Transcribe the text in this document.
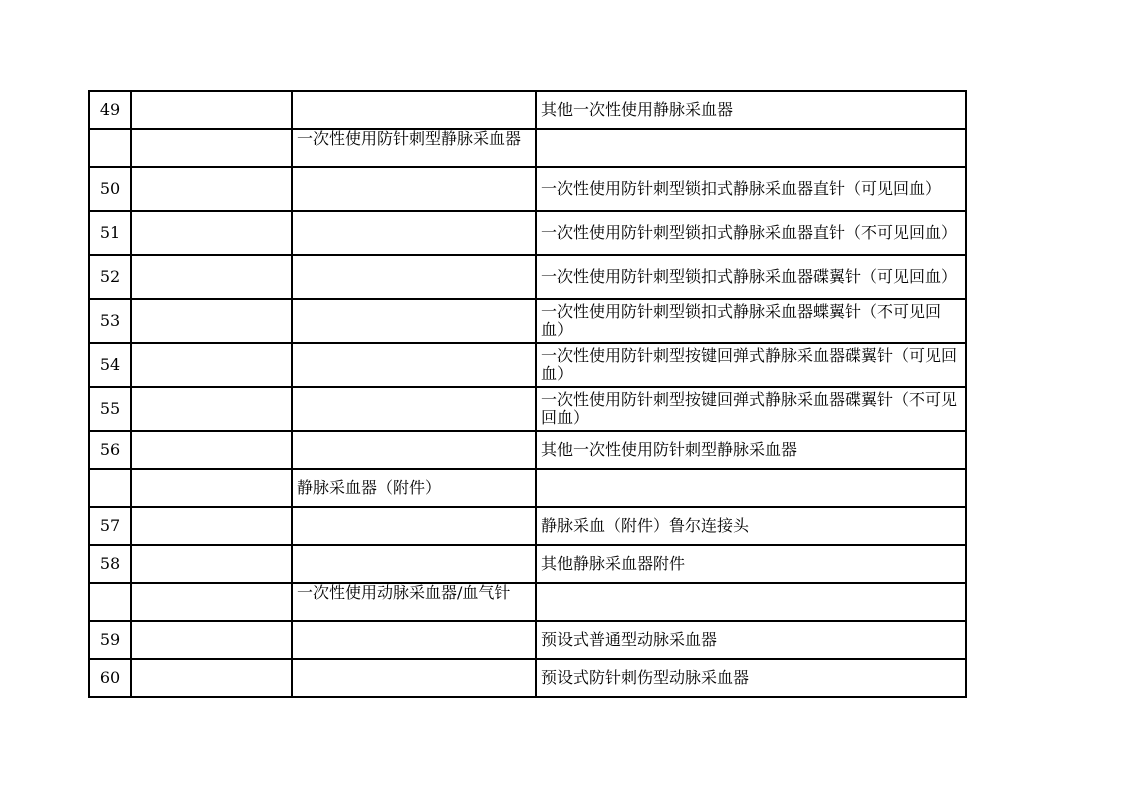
49			其他一次性使用静脉采血器
		一次性使用防针刺型静脉采血器	
50			一次性使用防针刺型锁扣式静脉采血器直针（可见回血）
51			一次性使用防针刺型锁扣式静脉采血器直针（不可见回血）
52			一次性使用防针刺型锁扣式静脉采血器碟翼针（可见回血）
53			一次性使用防针刺型锁扣式静脉采血器蝶翼针（不可见回血）
54			一次性使用防针刺型按键回弹式静脉采血器碟翼针（可见回血）
55			一次性使用防针刺型按键回弹式静脉采血器碟翼针（不可见回血）
56			其他一次性使用防针刺型静脉采血器
		静脉采血器（附件）	
57			静脉采血（附件）鲁尔连接头
58			其他静脉采血器附件
		一次性使用动脉采血器/血气针	
59			预设式普通型动脉采血器
60			预设式防针刺伤型动脉采血器
